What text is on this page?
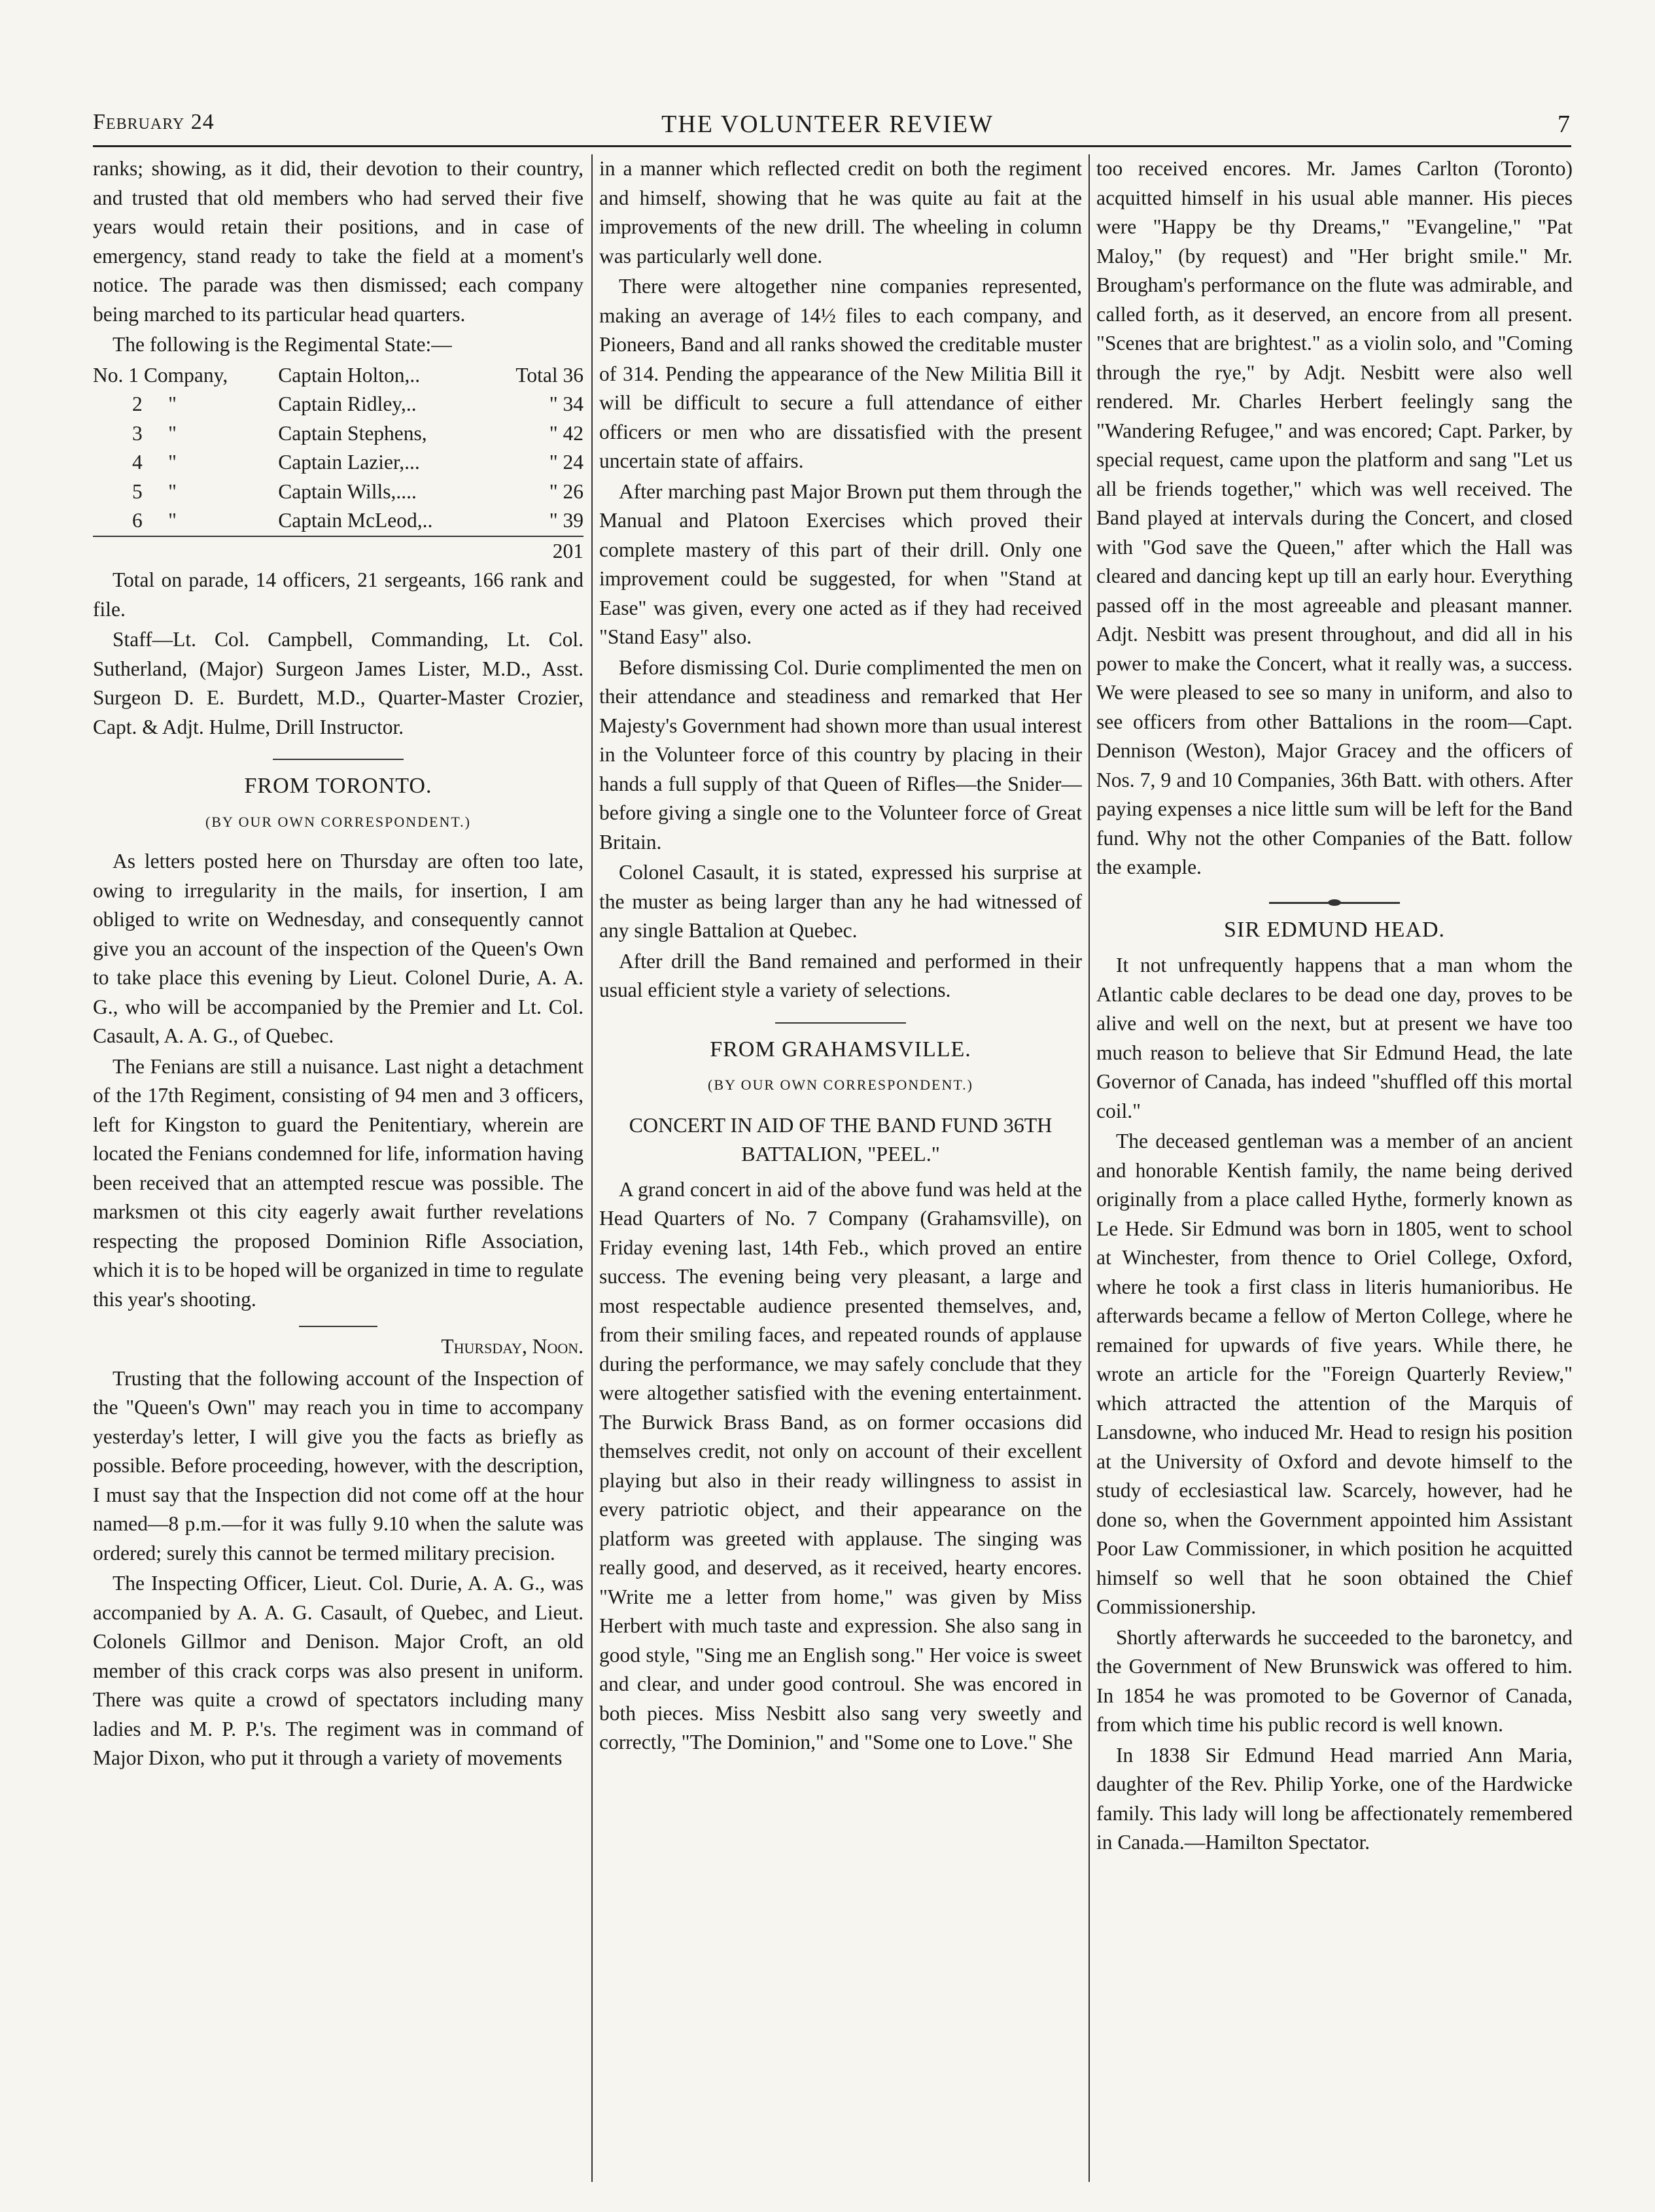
February 24	THE VOLUNTEER REVIEW	7

ranks; showing, as it did, their devotion to their country, and trusted that old members who had served their five years would retain their positions, and in case of emergency, stand ready to take the field at a moment's notice. The parade was then dismissed; each company being marched to its particular head quarters.

The following is the Regimental State:—

No. 1 Company,	Captain Holton,..	Total 36
2 "	Captain Ridley,..	" 34
3 "	Captain Stephens,	" 42
4 "	Captain Lazier,...	" 24
5 "	Captain Wills,....	" 26
6 "	Captain McLeod,..	" 39
		201

Total on parade, 14 officers, 21 sergeants, 166 rank and file.

Staff—Lt. Col. Campbell, Commanding, Lt. Col. Sutherland, (Major) Surgeon James Lister, M.D., Asst. Surgeon D. E. Burdett, M.D., Quarter-Master Crozier, Capt. & Adjt. Hulme, Drill Instructor.

FROM TORONTO.
(BY OUR OWN CORRESPONDENT.)

As letters posted here on Thursday are often too late, owing to irregularity in the mails, for insertion, I am obliged to write on Wednesday, and consequently cannot give you an account of the inspection of the Queen's Own to take place this evening by Lieut. Colonel Durie, A. A. G., who will be accompanied by the Premier and Lt. Col. Casault, A. A. G., of Quebec.

The Fenians are still a nuisance. Last night a detachment of the 17th Regiment, consisting of 94 men and 3 officers, left for Kingston to guard the Penitentiary, wherein are located the Fenians condemned for life, information having been received that an attempted rescue was possible. The marksmen ot this city eagerly await further revelations respecting the proposed Dominion Rifle Association, which it is to be hoped will be organized in time to regulate this year's shooting.

Thursday, Noon.

Trusting that the following account of the Inspection of the "Queen's Own" may reach you in time to accompany yesterday's letter, I will give you the facts as briefly as possible. Before proceeding, however, with the description, I must say that the Inspection did not come off at the hour named—8 p.m.—for it was fully 9.10 when the salute was ordered; surely this cannot be termed military precision.

The Inspecting Officer, Lieut. Col. Durie, A. A. G., was accompanied by A. A. G. Casault, of Quebec, and Lieut. Colonels Gillmor and Denison. Major Croft, an old member of this crack corps was also present in uniform. There was quite a crowd of spectators including many ladies and M. P. P.'s. The regiment was in command of Major Dixon, who put it through a variety of movements

in a manner which reflected credit on both the regiment and himself, showing that he was quite au fait at the improvements of the new drill. The wheeling in column was particularly well done.

There were altogether nine companies represented, making an average of 14½ files to each company, and Pioneers, Band and all ranks showed the creditable muster of 314. Pending the appearance of the New Militia Bill it will be difficult to secure a full attendance of either officers or men who are dissatisfied with the present uncertain state of affairs.

After marching past Major Brown put them through the Manual and Platoon Exercises which proved their complete mastery of this part of their drill. Only one improvement could be suggested, for when "Stand at Ease" was given, every one acted as if they had received "Stand Easy" also.

Before dismissing Col. Durie complimented the men on their attendance and steadiness and remarked that Her Majesty's Government had shown more than usual interest in the Volunteer force of this country by placing in their hands a full supply of that Queen of Rifles—the Snider—before giving a single one to the Volunteer force of Great Britain.

Colonel Casault, it is stated, expressed his surprise at the muster as being larger than any he had witnessed of any single Battalion at Quebec.

After drill the Band remained and performed in their usual efficient style a variety of selections.

FROM GRAHAMSVILLE.
(BY OUR OWN CORRESPONDENT.)
CONCERT IN AID OF THE BAND FUND 36TH BATTALION, "PEEL."

A grand concert in aid of the above fund was held at the Head Quarters of No. 7 Company (Grahamsville), on Friday evening last, 14th Feb., which proved an entire success. The evening being very pleasant, a large and most respectable audience presented themselves, and, from their smiling faces, and repeated rounds of applause during the performance, we may safely conclude that they were altogether satisfied with the evening entertainment. The Burwick Brass Band, as on former occasions did themselves credit, not only on account of their excellent playing but also in their ready willingness to assist in every patriotic object, and their appearance on the platform was greeted with applause. The singing was really good, and deserved, as it received, hearty encores. "Write me a letter from home," was given by Miss Herbert with much taste and expression. She also sang in good style, "Sing me an English song." Her voice is sweet and clear, and under good controul. She was encored in both pieces. Miss Nesbitt also sang very sweetly and correctly, "The Dominion," and "Some one to Love." She

too received encores. Mr. James Carlton (Toronto) acquitted himself in his usual able manner. His pieces were "Happy be thy Dreams," "Evangeline," "Pat Maloy," (by request) and "Her bright smile." Mr. Brougham's performance on the flute was admirable, and called forth, as it deserved, an encore from all present. "Scenes that are brightest." as a violin solo, and "Coming through the rye," by Adjt. Nesbitt were also well rendered. Mr. Charles Herbert feelingly sang the "Wandering Refugee," and was encored; Capt. Parker, by special request, came upon the platform and sang "Let us all be friends together," which was well received. The Band played at intervals during the Concert, and closed with "God save the Queen," after which the Hall was cleared and dancing kept up till an early hour. Everything passed off in the most agreeable and pleasant manner. Adjt. Nesbitt was present throughout, and did all in his power to make the Concert, what it really was, a success. We were pleased to see so many in uniform, and also to see officers from other Battalions in the room—Capt. Dennison (Weston), Major Gracey and the officers of Nos. 7, 9 and 10 Companies, 36th Batt. with others. After paying expenses a nice little sum will be left for the Band fund. Why not the other Companies of the Batt. follow the example.

SIR EDMUND HEAD.

It not unfrequently happens that a man whom the Atlantic cable declares to be dead one day, proves to be alive and well on the next, but at present we have too much reason to believe that Sir Edmund Head, the late Governor of Canada, has indeed "shuffled off this mortal coil."

The deceased gentleman was a member of an ancient and honorable Kentish family, the name being derived originally from a place called Hythe, formerly known as Le Hede. Sir Edmund was born in 1805, went to school at Winchester, from thence to Oriel College, Oxford, where he took a first class in literis humanioribus. He afterwards became a fellow of Merton College, where he remained for upwards of five years. While there, he wrote an article for the "Foreign Quarterly Review," which attracted the attention of the Marquis of Lansdowne, who induced Mr. Head to resign his position at the University of Oxford and devote himself to the study of ecclesiastical law. Scarcely, however, had he done so, when the Government appointed him Assistant Poor Law Commissioner, in which position he acquitted himself so well that he soon obtained the Chief Commissionership.

Shortly afterwards he succeeded to the baronetcy, and the Government of New Brunswick was offered to him. In 1854 he was promoted to be Governor of Canada, from which time his public record is well known.

In 1838 Sir Edmund Head married Ann Maria, daughter of the Rev. Philip Yorke, one of the Hardwicke family. This lady will long be affectionately remembered in Canada.—Hamilton Spectator.
